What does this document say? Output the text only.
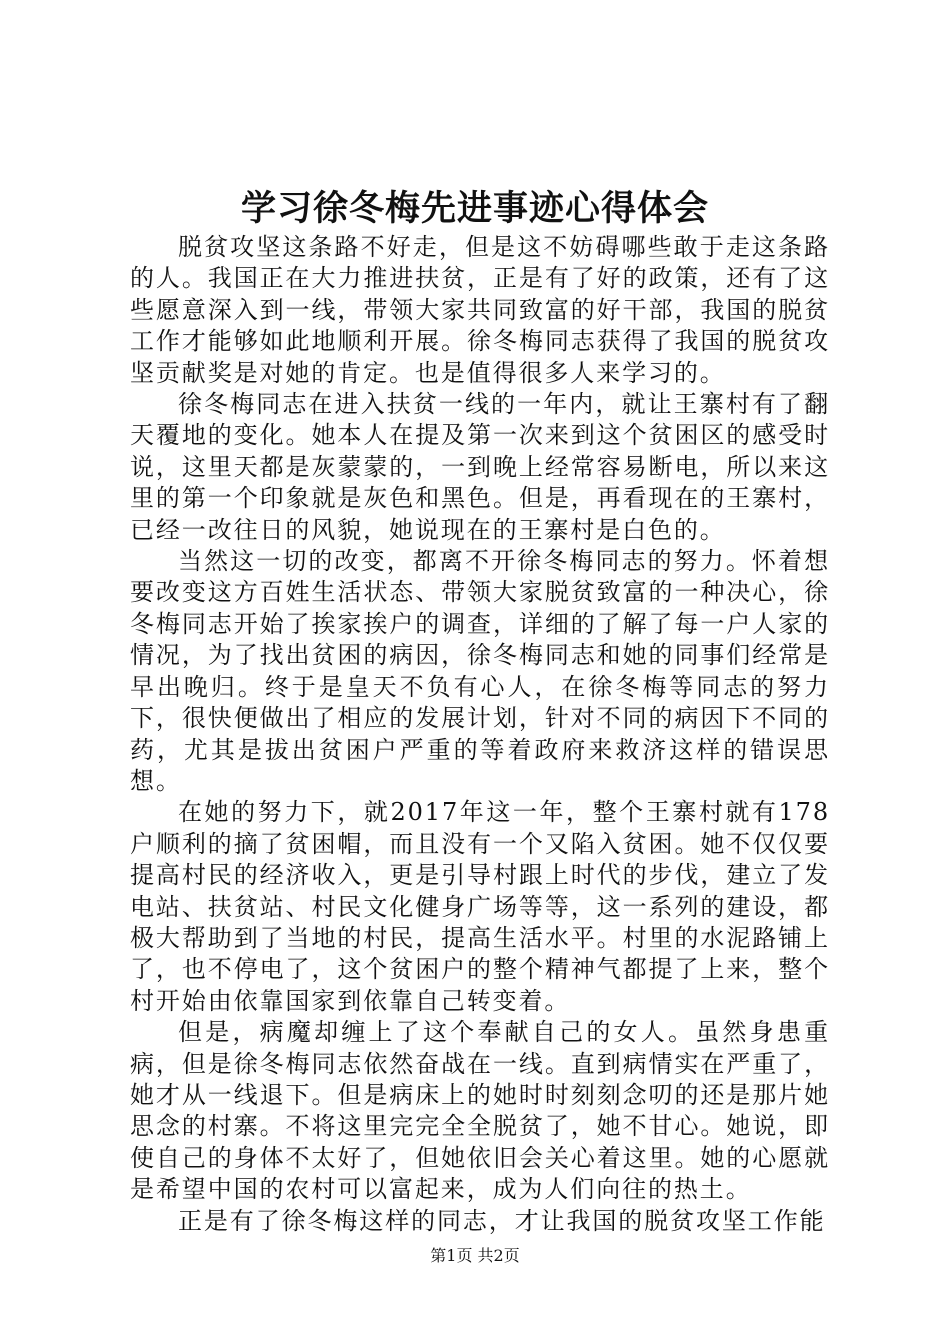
学习徐冬梅先进事迹心得体会

脱贫攻坚这条路不好走，但是这不妨碍哪些敢于走这条路的人。我国正在大力推进扶贫，正是有了好的政策，还有了这些愿意深入到一线，带领大家共同致富的好干部，我国的脱贫工作才能够如此地顺利开展。徐冬梅同志获得了我国的脱贫攻坚贡献奖是对她的肯定。也是值得很多人来学习的。

徐冬梅同志在进入扶贫一线的一年内，就让王寨村有了翻天覆地的变化。她本人在提及第一次来到这个贫困区的感受时说，这里天都是灰蒙蒙的，一到晚上经常容易断电，所以来这里的第一个印象就是灰色和黑色。但是，再看现在的王寨村，已经一改往日的风貌，她说现在的王寨村是白色的。

当然这一切的改变，都离不开徐冬梅同志的努力。怀着想要改变这方百姓生活状态、带领大家脱贫致富的一种决心，徐冬梅同志开始了挨家挨户的调查，详细的了解了每一户人家的情况，为了找出贫困的病因，徐冬梅同志和她的同事们经常是早出晚归。终于是皇天不负有心人，在徐冬梅等同志的努力下，很快便做出了相应的发展计划，针对不同的病因下不同的药，尤其是拔出贫困户严重的等着政府来救济这样的错误思想。

在她的努力下，就2017年这一年，整个王寨村就有178户顺利的摘了贫困帽，而且没有一个又陷入贫困。她不仅仅要提高村民的经济收入，更是引导村跟上时代的步伐，建立了发电站、扶贫站、村民文化健身广场等等，这一系列的建设，都极大帮助到了当地的村民，提高生活水平。村里的水泥路铺上了，也不停电了，这个贫困户的整个精神气都提了上来，整个村开始由依靠国家到依靠自己转变着。

但是，病魔却缠上了这个奉献自己的女人。虽然身患重病，但是徐冬梅同志依然奋战在一线。直到病情实在严重了，她才从一线退下。但是病床上的她时时刻刻念叨的还是那片她思念的村寨。不将这里完完全全脱贫了，她不甘心。她说，即使自己的身体不太好了，但她依旧会关心着这里。她的心愿就是希望中国的农村可以富起来，成为人们向往的热土。

正是有了徐冬梅这样的同志，才让我国的脱贫攻坚工作能

第1页 共2页
